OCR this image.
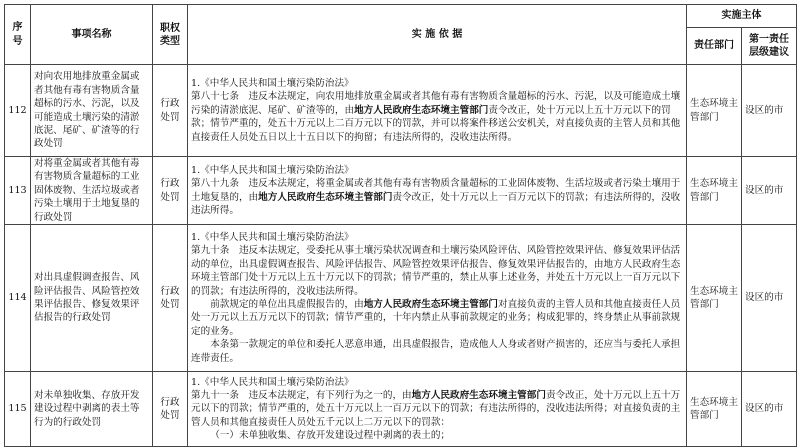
序号	事项名称	职权
类型	实 施 依 据	实施主体	
				责任部门	第一责任
层级建议
112	对向农用地排放重金属或者其他有毒有害物质含量超标的污水、污泥，以及可能造成土壤污染的清淤底泥、尾矿、矿渣等的行政处罚	行政处罚	1.《中华人民共和国土壤污染防治法》

第八十七条　违反本法规定，向农用地排放重金属或者其他有毒有害物质含量超标的污水、污泥，以及可能造成土壤污染的清淤底泥、尾矿、矿渣等的，由地方人民政府生态环境主管部门责令改正，处十万元以上五十万元以下的罚款；情节严重的，处五十万元以上二百万元以下的罚款，并可以将案件移送公安机关，对直接负责的主管人员和其他直接责任人员处五日以上十五日以下的拘留；有违法所得的，没收违法所得。	生态环境主管部门	设区的市
113	对将重金属或者其他有毒有害物质含量超标的工业固体废物、生活垃圾或者污染土壤用于土地复垦的行政处罚	行政处罚	1.《中华人民共和国土壤污染防治法》

第八十九条　违反本法规定，将重金属或者其他有毒有害物质含量超标的工业固体废物、生活垃圾或者污染土壤用于土地复垦的，由地方人民政府生态环境主管部门责令改正，处十万元以上一百万元以下的罚款；有违法所得的，没收违法所得。	生态环境主管部门	设区的市
114	对出具虚假调查报告、风险评估报告、风险管控效果评估报告、修复效果评估报告的行政处罚	行政处罚	1.《中华人民共和国土壤污染防治法》

第九十条　违反本法规定，受委托从事土壤污染状况调查和土壤污染风险评估、风险管控效果评估、修复效果评估活动的单位，出具虚假调查报告、风险评估报告、风险管控效果评估报告、修复效果评估报告的，由地方人民政府生态环境主管部门处十万元以上五十万元以下的罚款；情节严重的，禁止从事上述业务，并处五十万元以上一百万元以下的罚款；有违法所得的，没收违法所得。

前款规定的单位出具虚假报告的，由地方人民政府生态环境主管部门对直接负责的主管人员和其他直接责任人员处一万元以上五万元以下的罚款；情节严重的，十年内禁止从事前款规定的业务；构成犯罪的，终身禁止从事前款规定的业务。

本条第一款规定的单位和委托人恶意串通，出具虚假报告，造成他人人身或者财产损害的，还应当与委托人承担连带责任。	生态环境主管部门	设区的市
115	对未单独收集、存放开发建设过程中剥离的表土等行为的行政处罚	行政处罚	1.《中华人民共和国土壤污染防治法》

第九十一条　违反本法规定，有下列行为之一的，由地方人民政府生态环境主管部门责令改正，处十万元以上五十万元以下的罚款；情节严重的，处五十万元以上一百万元以下的罚款；有违法所得的，没收违法所得；对直接负责的主管人员和其他直接责任人员处五千元以上二万元以下的罚款：

（一）未单独收集、存放开发建设过程中剥离的表土的；	生态环境主管部门	设区的市
